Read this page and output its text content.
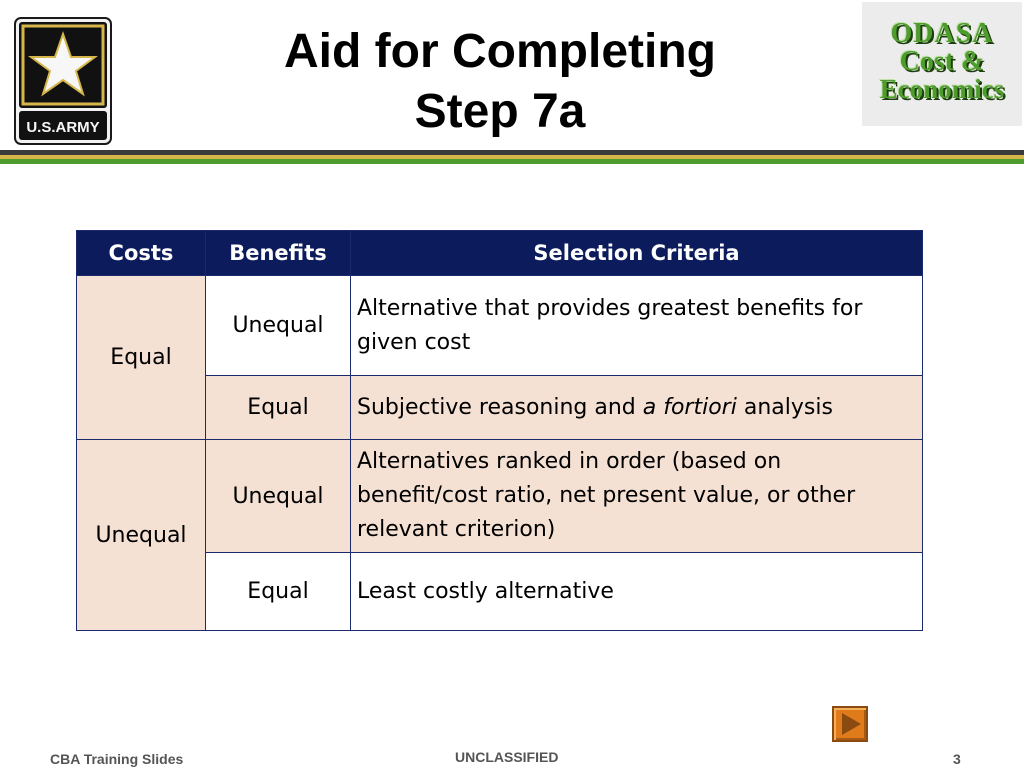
U.S.ARMY
Aid for Completing
Step 7a
ODASA
Cost &
Economics
Costs	Benefits	Selection Criteria
Equal	Unequal	Alternative that provides greatest benefits for given cost
	Equal	Subjective reasoning and a fortiori analysis
Unequal	Unequal	Alternatives ranked in order (based on benefit/cost ratio, net present value, or other relevant criterion)
	Equal	Least costly alternative
CBA Training Slides	UNCLASSIFIED	3
